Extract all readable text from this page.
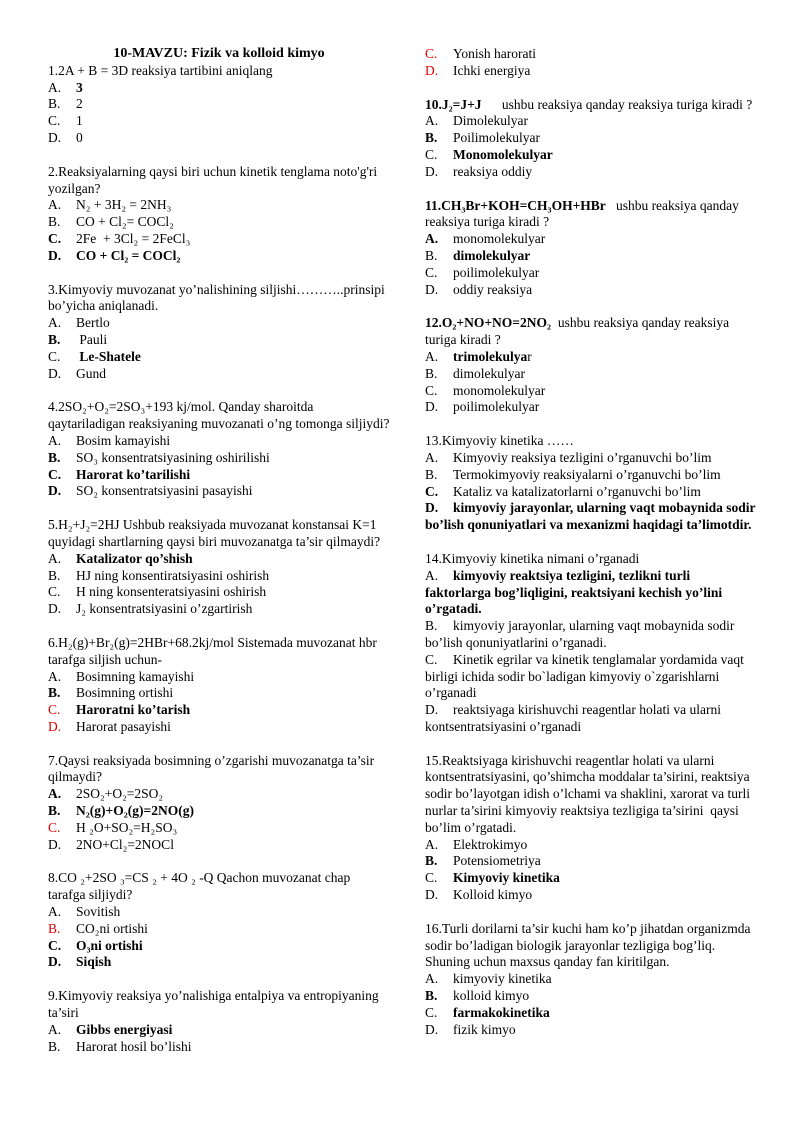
10-MAVZU: Fizik va kolloid kimyo

1.2A + B = 3D reaksiya tartibini aniqlang

A. 3

B. 2

C. 1

D. 0

2.Reaksiyalarning qaysi biri uchun kinetik tenglama noto'g'ri yozilgan?

A. N₂ + 3H₂ = 2NH₃

B. CO + Cl₂= COCl₂

C. 2Fe  + 3Cl₂ = 2FeCl₃

D. CO + Cl₂ = COCl₂

3.Kimyoviy muvozanat yo’nalishining siljishi………..prinsipi bo’yicha aniqlanadi.

A. Bertlo

B. Pauli

C. Le-Shatele

D. Gund

4.2SO₂+O₂=2SO₃+193 kj/mol. Qanday sharoitda qaytariladigan reaksiyaning muvozanati o’ng tomonga siljiydi?

A. Bosim kamayishi

B. SO₃ konsentratsiyasining oshirilishi

C. Harorat ko’tarilishi

D. SO₂ konsentratsiyasini pasayishi

5.H₂+J₂=2HJ Ushbub reaksiyada muvozanat konstansai K=1 quyidagi shartlarning qaysi biri muvozanatga ta’sir qilmaydi?

A. Katalizator qo’shish

B. HJ ning konsentiratsiyasini oshirish

C. H ning konsenteratsiyasini oshirish

D. J₂ konsentratsiyasini o’zgartirish

6.H₂(g)+Br₂(g)=2HBr+68.2kj/mol Sistemada muvozanat hbr tarafga siljish uchun-

A. Bosimning kamayishi

B. Bosimning ortishi

C. Haroratni ko’tarish

D. Harorat pasayishi

7.Qaysi reaksiyada bosimning o’zgarishi muvozanatga ta’sir qilmaydi?

A. 2SO₂+O₂=2SO₂

B. N₂(g)+O₂(g)=2NO(g)

C. H ₂O+SO₂=H₂SO₃

D. 2NO+Cl₂=2NOCl

8.CO ₂+2SO ₃=CS ₂ + 4O ₂ -Q Qachon muvozanat chap tarafga siljiydi?

A. Sovitish

B. CO₂ni ortishi

C. O₃ni ortishi

D. Siqish

9.Kimyoviy reaksiya yo’nalishiga entalpiya va entropiyaning ta’siri

A. Gibbs energiyasi

B. Harorat hosil bo’lishi

C. Yonish harorati

D. Ichki energiya

10.J₂=J+J      ushbu reaksiya qanday reaksiya turiga kiradi ?

A. Dimolekulyar

B. Poilimolekulyar

C. Monomolekulyar

D. reaksiya oddiy

11.CH₃Br+KOH=CH₃OH+HBr   ushbu reaksiya qanday reaksiya turiga kiradi ?

A. monomolekulyar

B. dimolekulyar

C. poilimolekulyar

D. oddiy reaksiya

12.O₂+NO+NO=2NO₂  ushbu reaksiya qanday reaksiya turiga kiradi ?

A. trimolekulyar

B. dimolekulyar

C. monomolekulyar

D. poilimolekulyar

13.Kimyoviy kinetika ……

A. Kimyoviy reaksiya tezligini o’rganuvchi bo’lim

B. Termokimyoviy reaksiyalarni o’rganuvchi bo’lim

C. Kataliz va katalizatorlarni o’rganuvchi bo’lim

D. kimyoviy jarayonlar, ularning vaqt mobaynida sodir bo’lish qonuniyatlari va mexanizmi haqidagi ta’limotdir.

14.Kimyoviy kinetika nimani o’rganadi

A. kimyoviy reaktsiya tezligini, tezlikni turli faktorlarga bog’liqligini, reaktsiyani kechish yo’lini o’rgatadi.

B. kimyoviy jarayonlar, ularning vaqt mobaynida sodir bo’lish qonuniyatlarini o’rganadi.

C. Kinetik egrilar va kinetik tenglamalar yordamida vaqt birligi ichida sodir bo`ladigan kimyoviy o`zgarishlarni o’rganadi

D. reaktsiyaga kirishuvchi reagentlar holati va ularni kontsentratsiyasini o’rganadi

15.Reaktsiyaga kirishuvchi reagentlar holati va ularni kontsentratsiyasini, qo’shimcha moddalar ta’sirini, reaktsiya sodir bo’layotgan idish o’lchami va shaklini, xarorat va turli nurlar ta’sirini kimyoviy reaktsiya tezligiga ta’sirini  qaysi bo’lim o’rgatadi.

A. Elektrokimyo

B. Potensiometriya

C. Kimyoviy kinetika

D. Kolloid kimyo

16.Turli dorilarni ta’sir kuchi ham ko’p jihatdan organizmda sodir bo’ladigan biologik jarayonlar tezligiga bog’liq. Shuning uchun maxsus qanday fan kiritilgan.

A. kimyoviy kinetika

B. kolloid kimyo

C. farmakokinetika

D. fizik kimyo
